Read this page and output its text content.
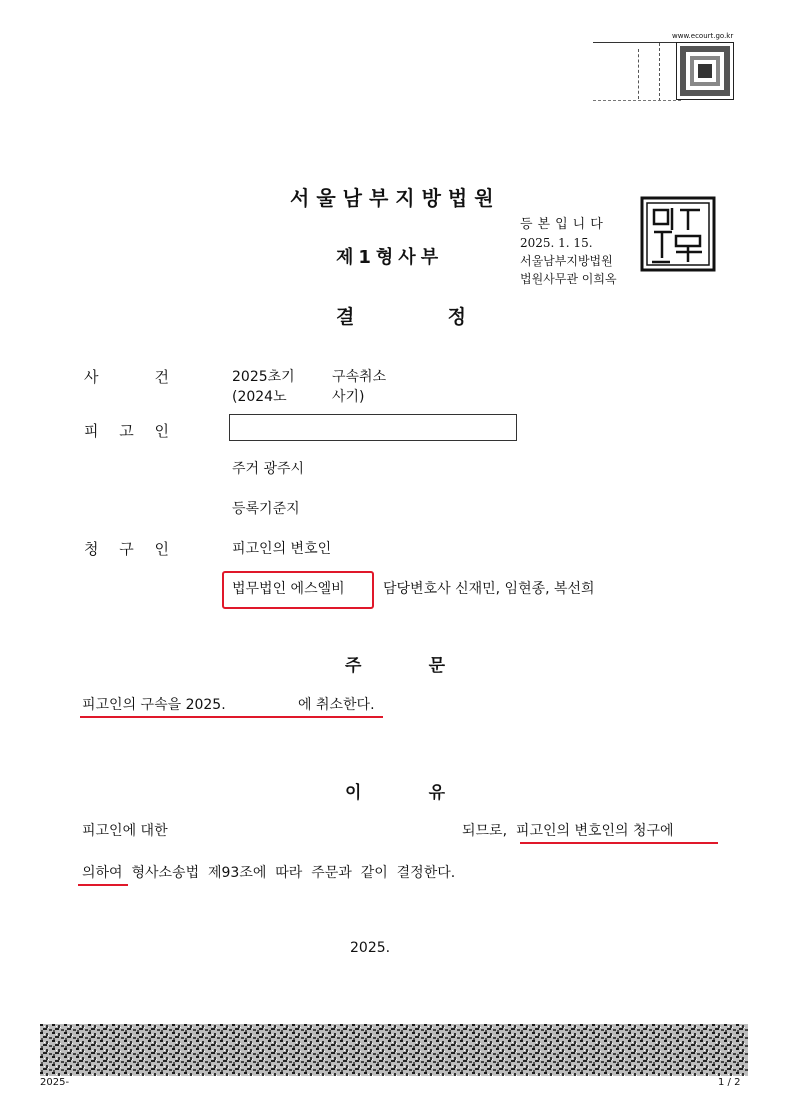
www.ecourt.go.kr
서울남부지방법원
제1형사부
결	정
등본입니다
2025. 1. 15.
서울남부지방법원
법원사무관 이희옥
사	건	2025초기	구속취소
(2024노	사기)
피 고 인
주거 광주시
등록기준지
청 구 인	피고인의 변호인
법무법인 에스엘비	담당변호사 신재민, 임현종, 복선희
주	문
피고인의 구속을 2025.	에 취소한다.
이	유
피고인에 대한	되므로,  피고인의 변호인의 청구에
의하여  형사소송법  제93조에  따라  주문과  같이  결정한다.
2025.
2025-	1 / 2
